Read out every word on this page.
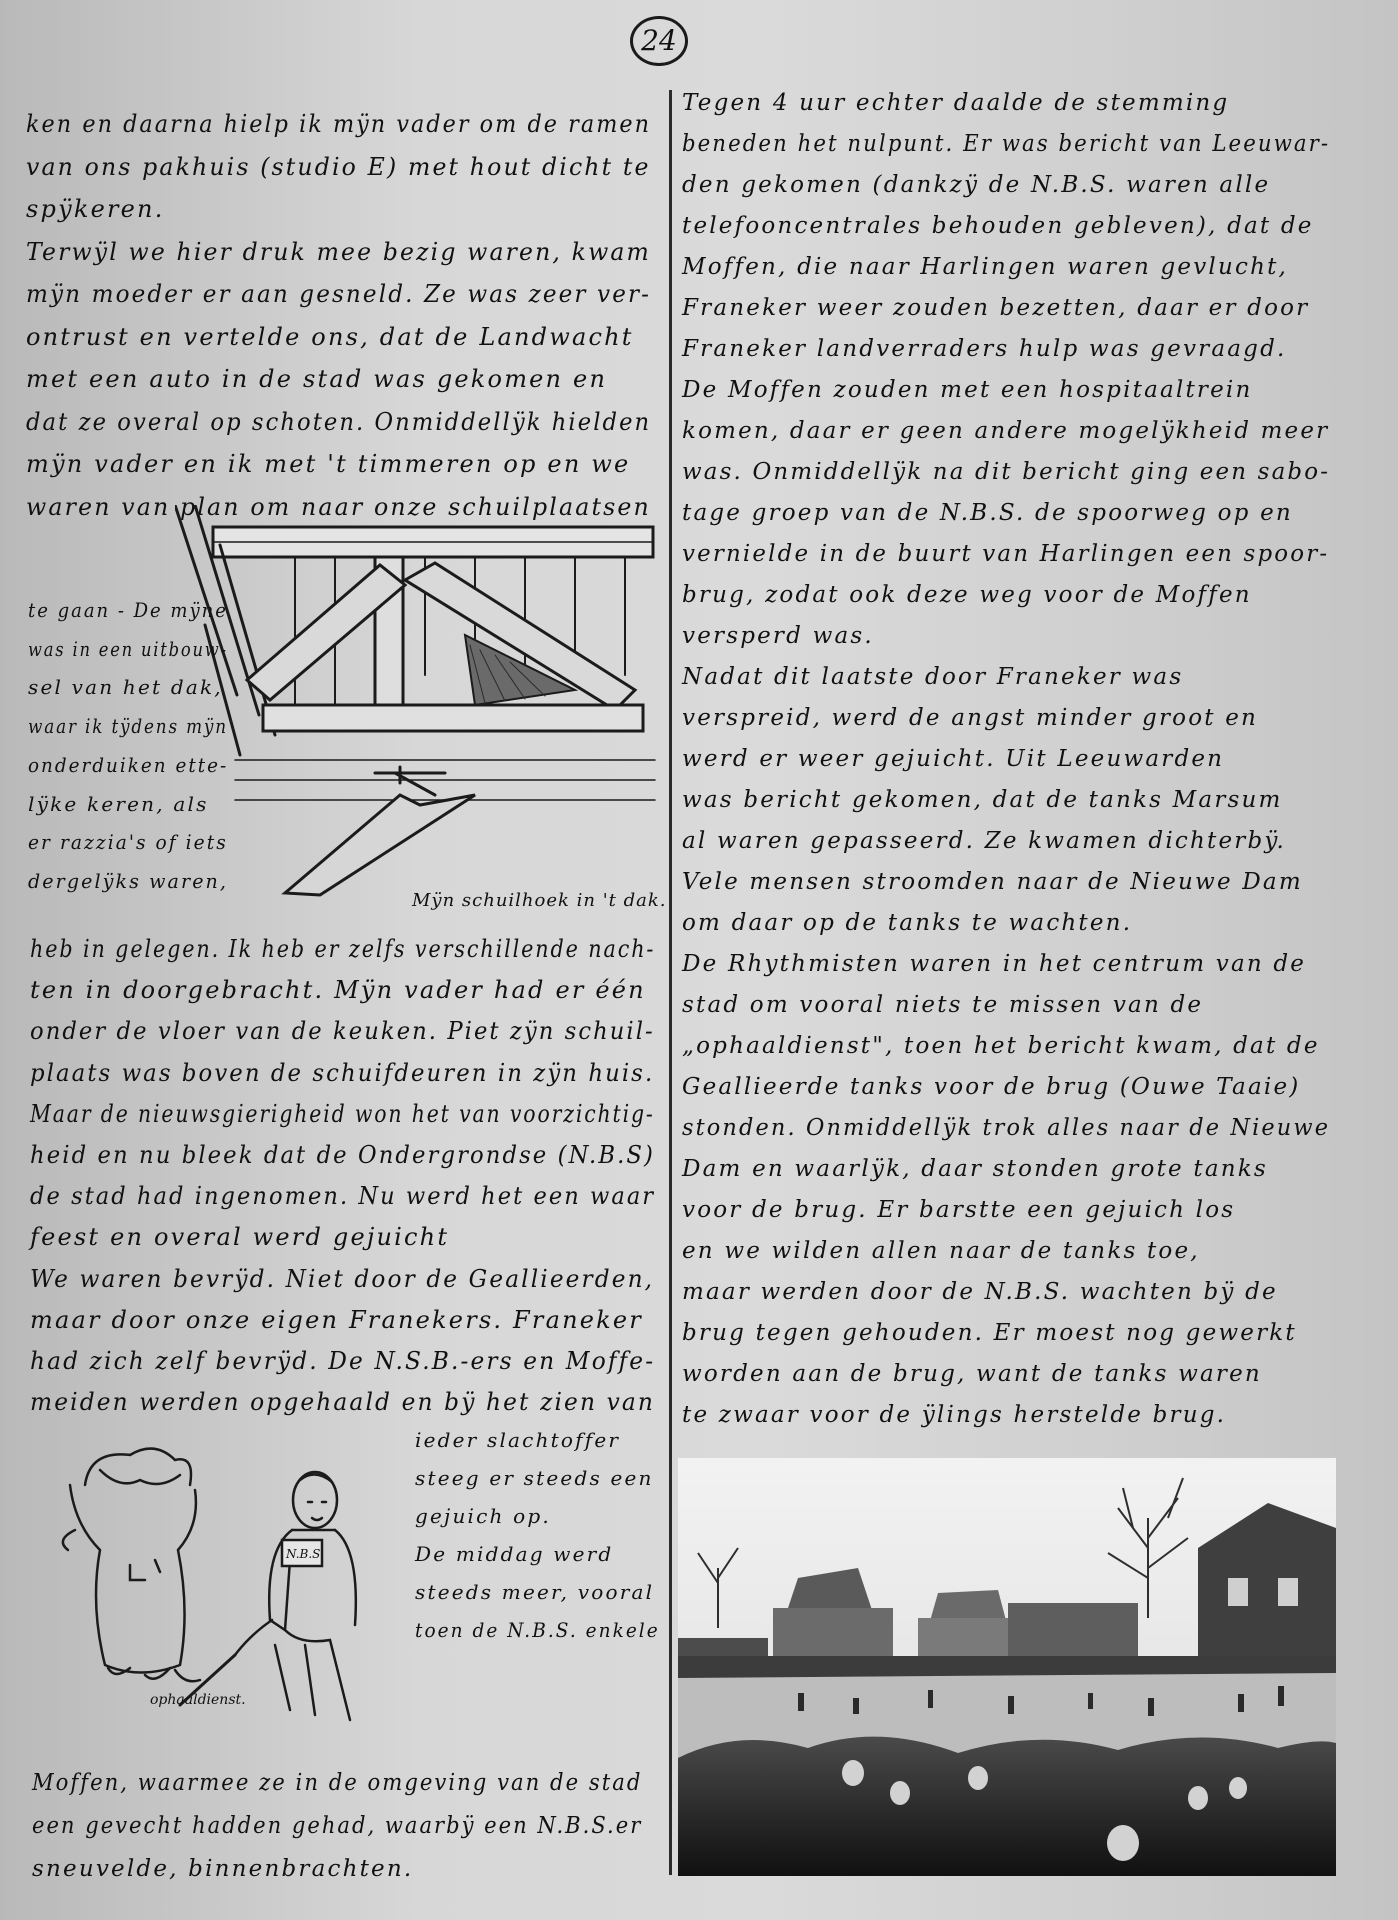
24
ken en daarna hielp ik mÿn vader om de ramen
van ons pakhuis (studio E) met hout dicht te
spÿkeren.
Terwÿl we hier druk mee bezig waren, kwam
mÿn moeder er aan gesneld. Ze was zeer ver-
ontrust en vertelde ons, dat de Landwacht
met een auto in de stad was gekomen en
dat ze overal op schoten. Onmiddellÿk hielden
mÿn vader en ik met 't timmeren op en we
waren van plan om naar onze schuilplaatsen
te gaan - De mÿne
was in een uitbouw-
sel van het dak,
waar ik tÿdens mÿn
onderduiken ette-
lÿke keren, als
er razzia's of iets
dergelÿks waren,
Mÿn schuilhoek in 't dak.
heb in gelegen. Ik heb er zelfs verschillende nach-
ten in doorgebracht. Mÿn vader had er één
onder de vloer van de keuken. Piet zÿn schuil-
plaats was boven de schuifdeuren in zÿn huis.
Maar de nieuwsgierigheid won het van voorzichtig-
heid en nu bleek dat de Ondergrondse (N.B.S)
de stad had ingenomen. Nu werd het een waar
feest en overal werd gejuicht
We waren bevrÿd. Niet door de Geallieerden,
maar door onze eigen Franekers. Franeker
had zich zelf bevrÿd. De N.S.B.-ers en Moffe-
meiden werden opgehaald en bÿ het zien van
N.B.S
ophaaldienst.
ieder slachtoffer
steeg er steeds een
gejuich op.
De middag werd
steeds meer, vooral
toen de N.B.S. enkele
Moffen, waarmee ze in de omgeving van de stad
een gevecht hadden gehad, waarbÿ een N.B.S.er
sneuvelde, binnenbrachten.
Tegen 4 uur echter daalde de stemming
beneden het nulpunt. Er was bericht van Leeuwar-
den gekomen (dankzÿ de N.B.S. waren alle
telefooncentrales behouden gebleven), dat de
Moffen, die naar Harlingen waren gevlucht,
Franeker weer zouden bezetten, daar er door
Franeker landverraders hulp was gevraagd.
De Moffen zouden met een hospitaaltrein
komen, daar er geen andere mogelÿkheid meer
was. Onmiddellÿk na dit bericht ging een sabo-
tage groep van de N.B.S. de spoorweg op en
vernielde in de buurt van Harlingen een spoor-
brug, zodat ook deze weg voor de Moffen
versperd was.
Nadat dit laatste door Franeker was
verspreid, werd de angst minder groot en
werd er weer gejuicht. Uit Leeuwarden
was bericht gekomen, dat de tanks Marsum
al waren gepasseerd. Ze kwamen dichterbÿ.
Vele mensen stroomden naar de Nieuwe Dam
om daar op de tanks te wachten.
De Rhythmisten waren in het centrum van de
stad om vooral niets te missen van de
„ophaaldienst", toen het bericht kwam, dat de
Geallieerde tanks voor de brug (Ouwe Taaie)
stonden. Onmiddellÿk trok alles naar de Nieuwe
Dam en waarlÿk, daar stonden grote tanks
voor de brug. Er barstte een gejuich los
en we wilden allen naar de tanks toe,
maar werden door de N.B.S. wachten bÿ de
brug tegen gehouden. Er moest nog gewerkt
worden aan de brug, want de tanks waren
te zwaar voor de ÿlings herstelde brug.
